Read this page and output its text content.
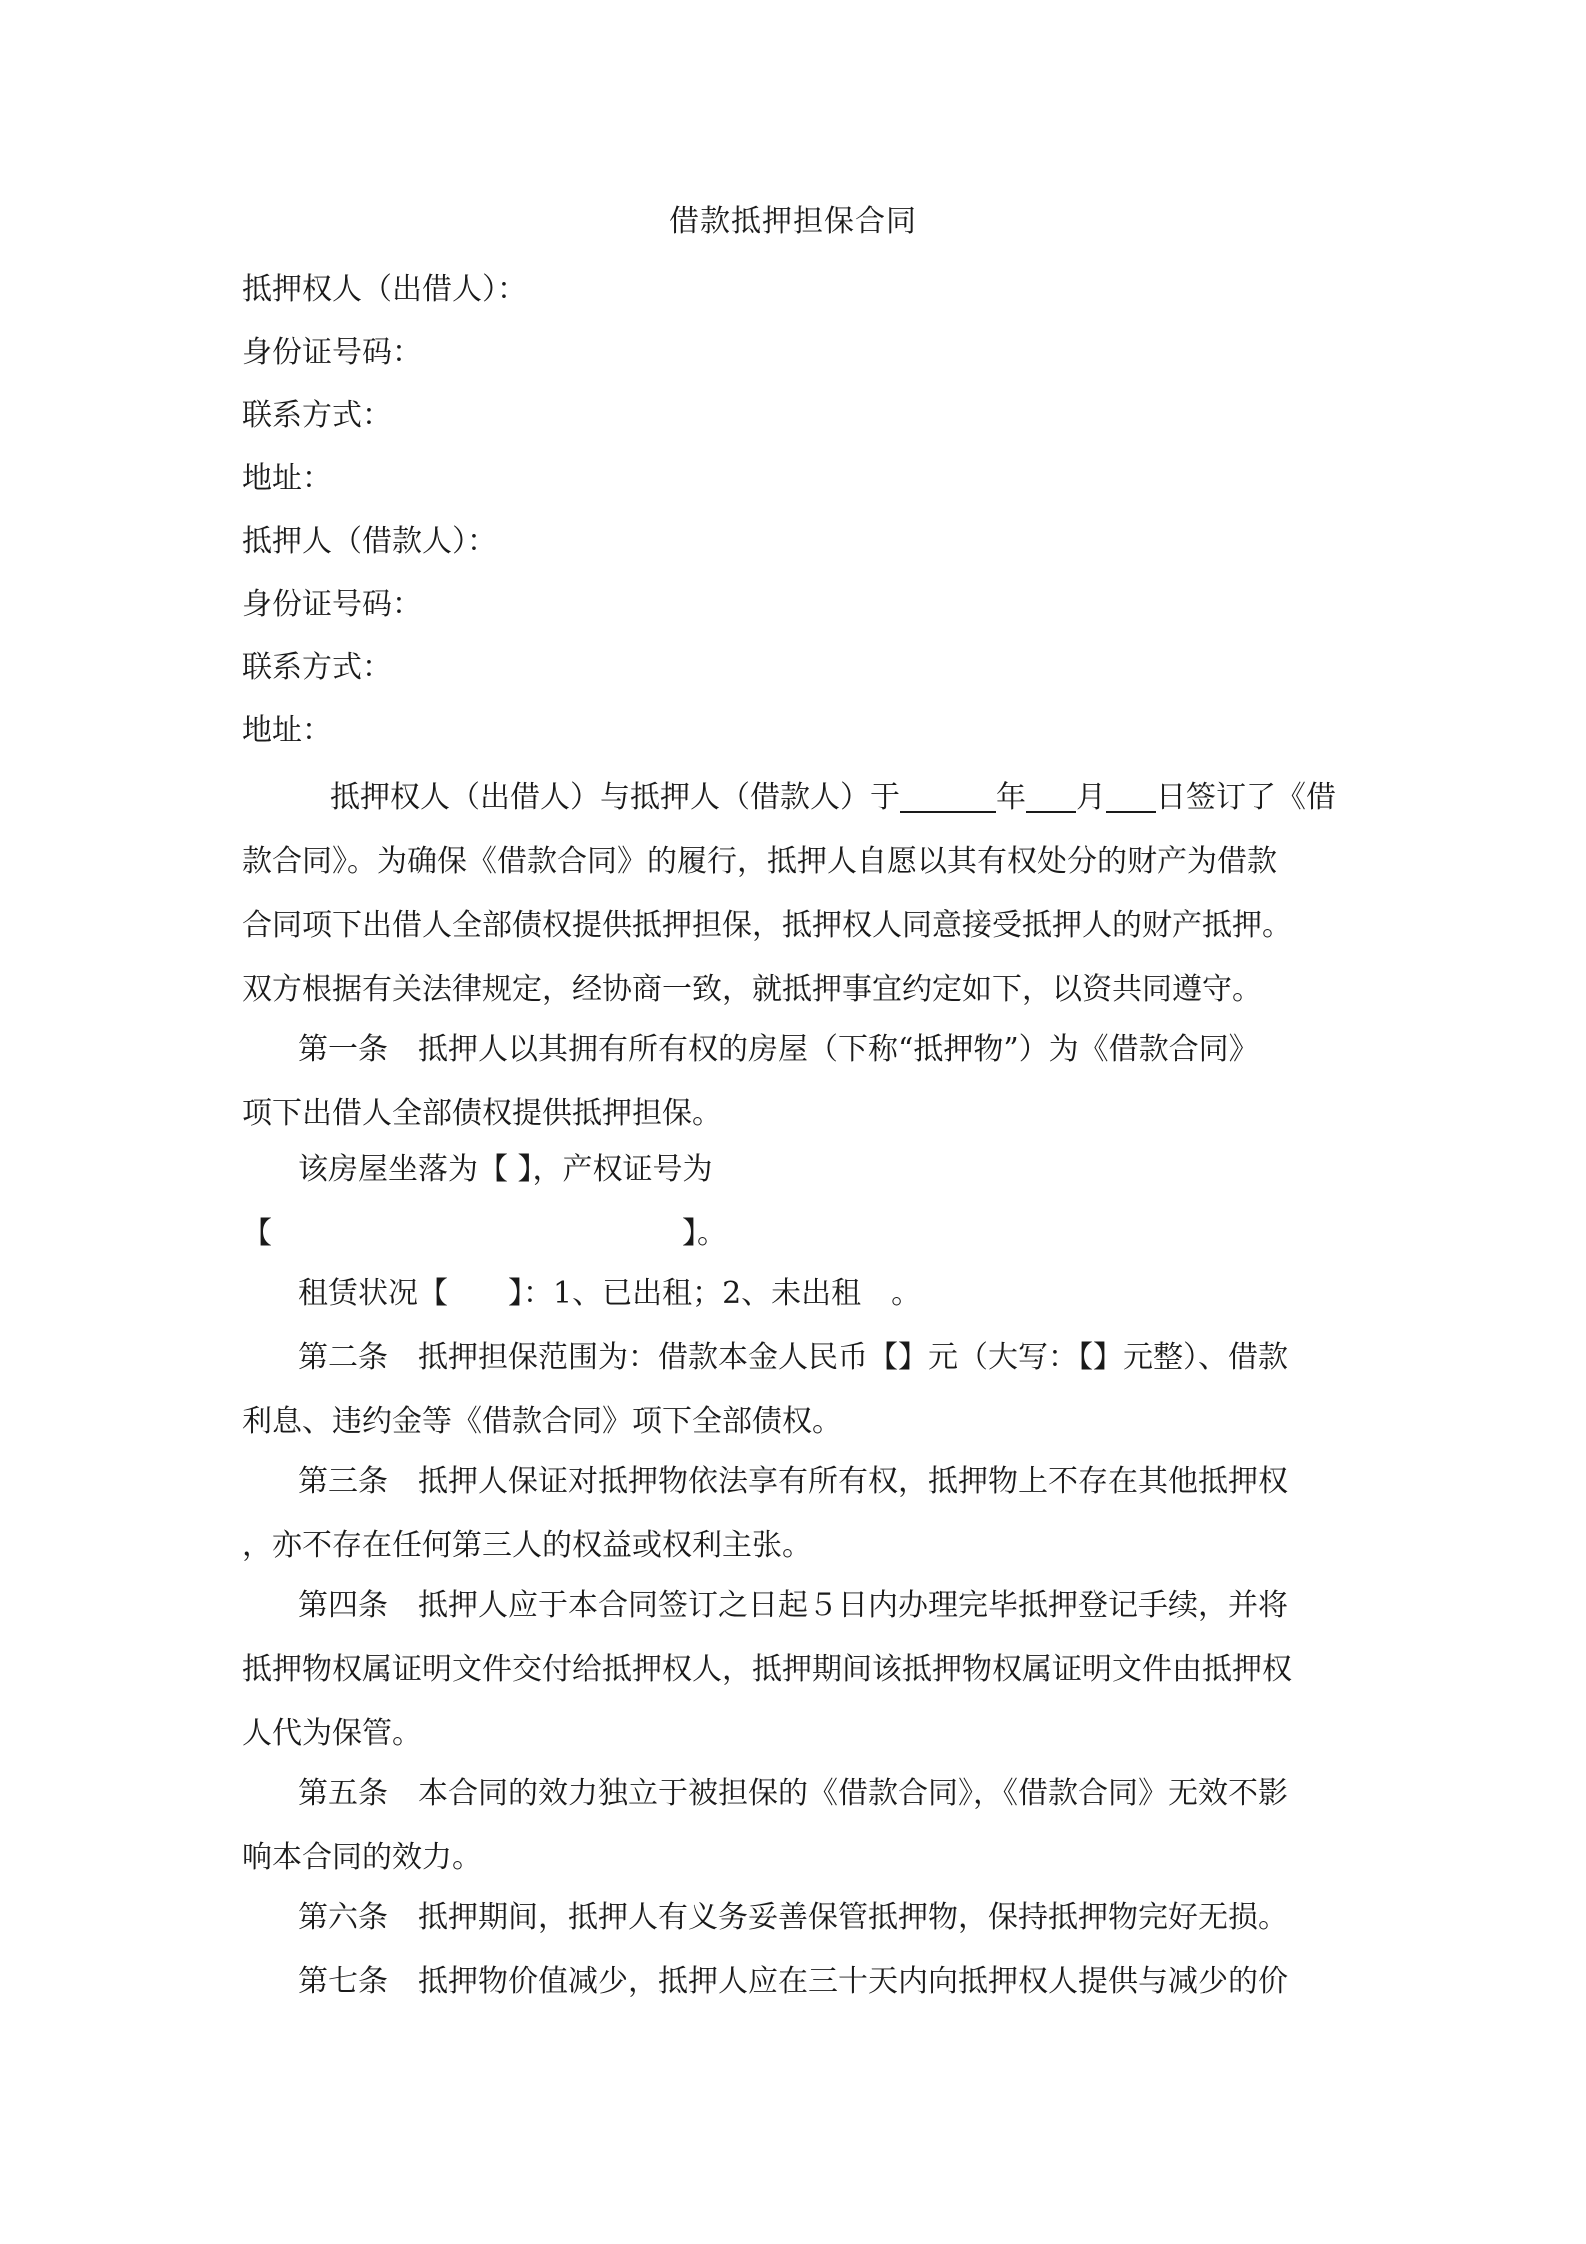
借款抵押担保合同
抵押权人（出借人）：
身份证号码：
联系方式：
地址：
抵押人（借款人）：
身份证号码：
联系方式：
地址：
抵押权人（出借人）与抵押人（借款人）于	年 月 日签订了《借
款合同》。为确保《借款合同》的履行，抵押人自愿以其有权处分的财产为借款
合同项下出借人全部债权提供抵押担保，抵押权人同意接受抵押人的财产抵押。
双方根据有关法律规定，经协商一致，就抵押事宜约定如下，以资共同遵守。
第一条　抵押人以其拥有所有权的房屋（下称“抵押物”）为《借款合同》
项下出借人全部债权提供抵押担保。
该房屋坐落为【 】，产权证号为
【	】。
租赁状况【　　】：1、已出租；2、未出租　。
第二条　抵押担保范围为：借款本金人民币【】元（大写：【】元整）、借款
利息、违约金等《借款合同》项下全部债权。
第三条　抵押人保证对抵押物依法享有所有权，抵押物上不存在其他抵押权
，亦不存在任何第三人的权益或权利主张。
第四条　抵押人应于本合同签订之日起５日内办理完毕抵押登记手续，并将
抵押物权属证明文件交付给抵押权人，抵押期间该抵押物权属证明文件由抵押权
人代为保管。
第五条　本合同的效力独立于被担保的《借款合同》，《借款合同》无效不影
响本合同的效力。
第六条　抵押期间，抵押人有义务妥善保管抵押物，保持抵押物完好无损。
第七条　抵押物价值减少，抵押人应在三十天内向抵押权人提供与减少的价
